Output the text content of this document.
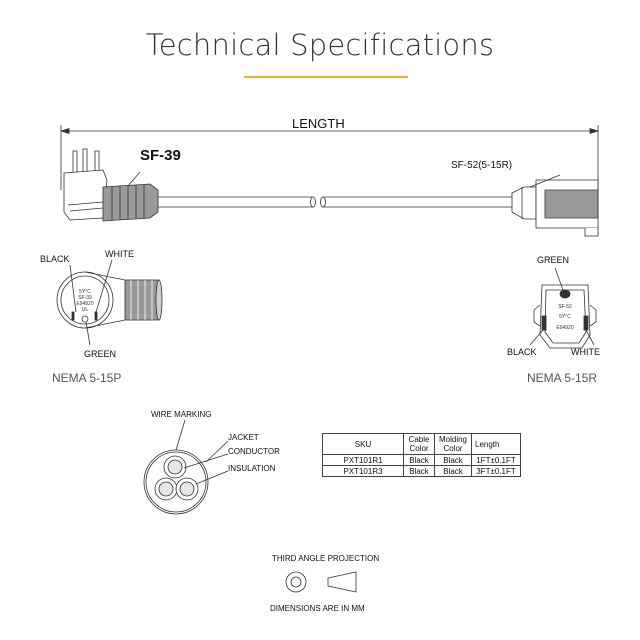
Technical Specifications
5Y°C
SF-39
E94920
UL	SF-52
5Y°C
E94920
LENGTH
SF-39
SF-52(5-15R)
BLACK	WHITE
GREEN
NEMA 5-15P
GREEN
BLACK	WHITE
NEMA 5-15R
WIRE MARKING
JACKET
CONDUCTOR
INSULATION
SKU	Cable Color	Molding Color	Length
PXT101R1	Black	Black	1FT±0.1FT
PXT101R3	Black	Black	3FT±0.1FT
THIRD ANGLE PROJECTION
DIMENSIONS ARE IN MM
